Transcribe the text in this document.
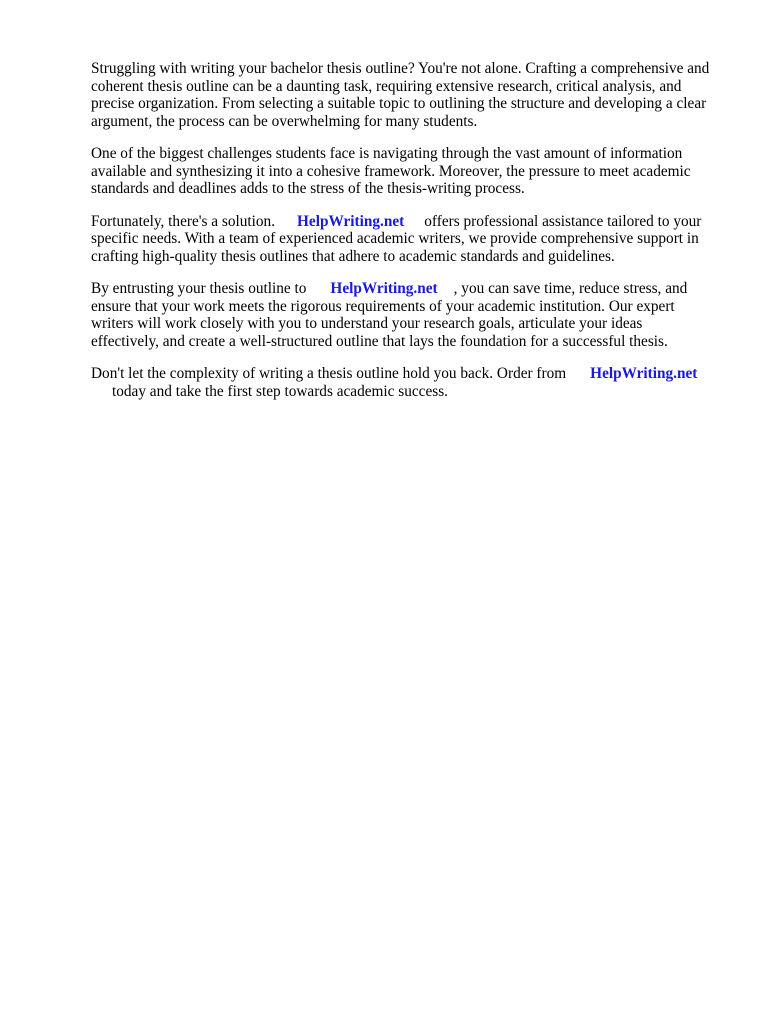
Struggling with writing your bachelor thesis outline? You're not alone. Crafting a comprehensive and
coherent thesis outline can be a daunting task, requiring extensive research, critical analysis, and
precise organization. From selecting a suitable topic to outlining the structure and developing a clear
argument, the process can be overwhelming for many students.

One of the biggest challenges students face is navigating through the vast amount of information
available and synthesizing it into a cohesive framework. Moreover, the pressure to meet academic
standards and deadlines adds to the stress of the thesis-writing process.

Fortunately, there's a solution. HelpWriting.net offers professional assistance tailored to your
specific needs. With a team of experienced academic writers, we provide comprehensive support in
crafting high-quality thesis outlines that adhere to academic standards and guidelines.

By entrusting your thesis outline to HelpWriting.net , you can save time, reduce stress, and
ensure that your work meets the rigorous requirements of your academic institution. Our expert
writers will work closely with you to understand your research goals, articulate your ideas
effectively, and create a well-structured outline that lays the foundation for a successful thesis.

Don't let the complexity of writing a thesis outline hold you back. Order from HelpWriting.net
today and take the first step towards academic success.
